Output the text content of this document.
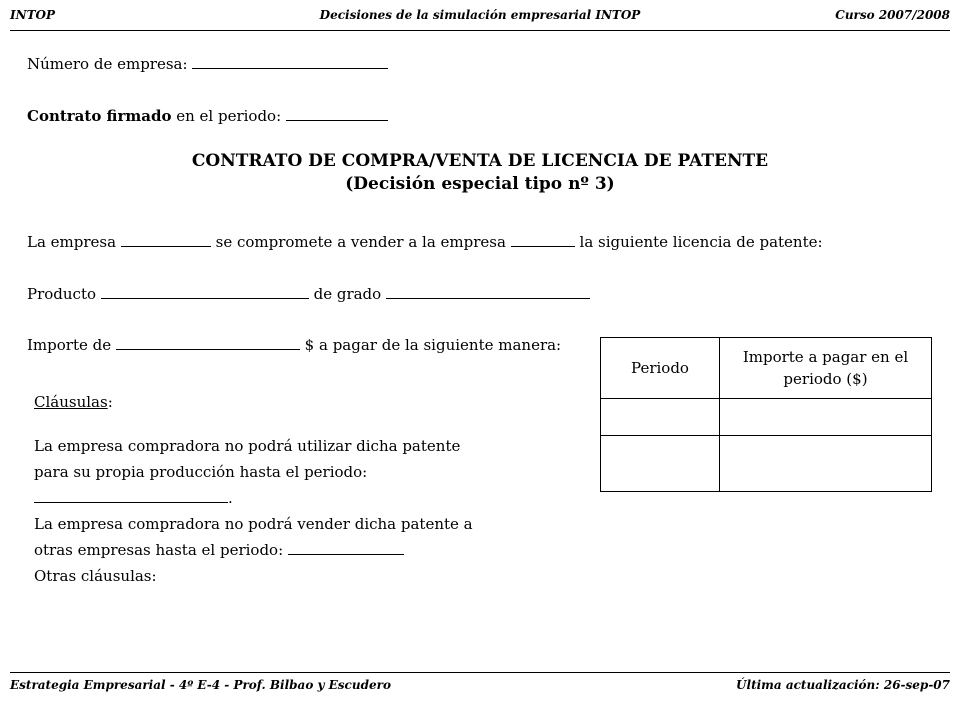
INTOP	Decisiones de la simulación empresarial INTOP	Curso 2007/2008
Número de empresa:
Contrato firmado en el periodo:
CONTRATO DE COMPRA/VENTA DE LICENCIA DE PATENTE
(Decisión especial tipo nº 3)
La empresa	se compromete a vender a la empresa	la siguiente licencia de patente:
Producto	de grado
Importe de	$ a pagar de la siguiente manera:
Cláusulas:
La empresa compradora no podrá utilizar dicha patente
para su propia producción hasta el periodo:
.
La empresa compradora no podrá vender dicha patente a
otras empresas hasta el periodo:
Otras cláusulas:
Periodo	Importe a pagar en el periodo ($)

Estrategia Empresarial - 4º E-4 - Prof. Bilbao y Escudero	Última actualización: 26-sep-07
